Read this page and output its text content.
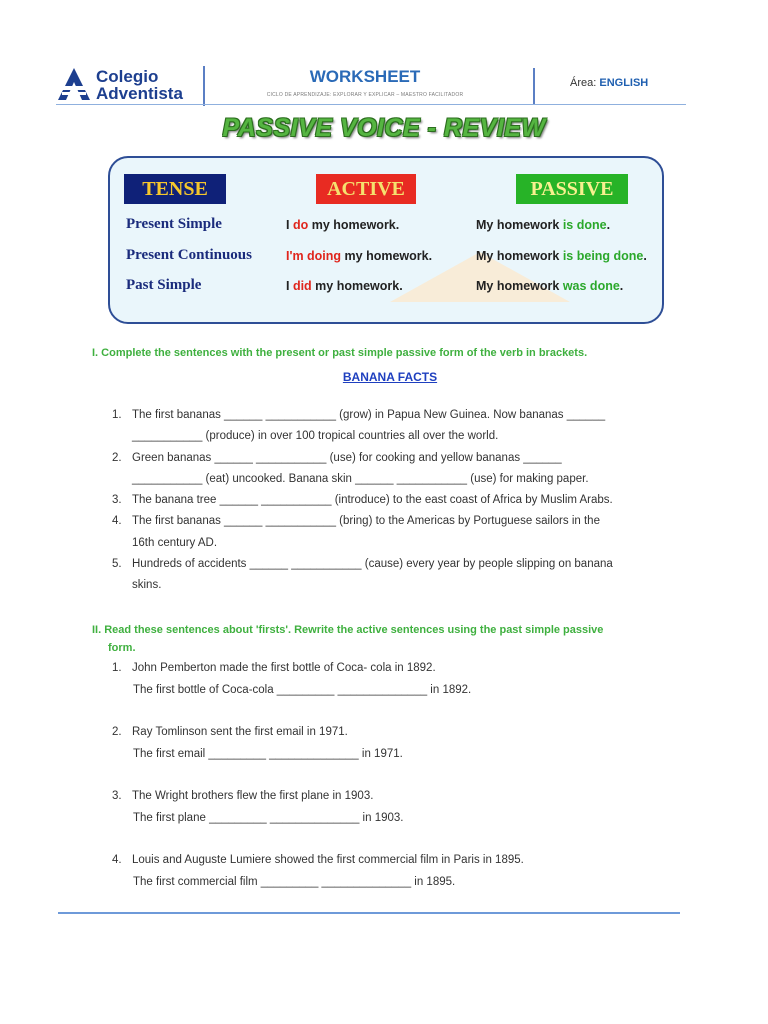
Colegio
Adventista
WORKSHEET
CICLO DE APRENDIZAJE: EXPLORAR Y EXPLICAR – MAESTRO FACILITADOR
Área: ENGLISH
PASSIVE VOICE - REVIEW
TENSE	ACTIVE	PASSIVE
Present Simple	I do my homework.	My homework is done.
Present Continuous	I'm doing my homework.	My homework is being done.
Past Simple	I did my homework.	My homework was done.
I. Complete the sentences with the present or past simple passive form of the verb in brackets.
BANANA FACTS
1. The first bananas ______ ___________ (grow) in Papua New Guinea. Now bananas ______
___________ (produce) in over 100 tropical countries all over the world.
2. Green bananas ______ ___________ (use) for cooking and yellow bananas ______
___________ (eat) uncooked. Banana skin ______ ___________ (use) for making paper.
3. The banana tree ______ ___________ (introduce) to the east coast of Africa by Muslim Arabs.
4. The first bananas ______ ___________ (bring) to the Americas by Portuguese sailors in the
16th century AD.
5. Hundreds of accidents ______ ___________ (cause) every year by people slipping on banana
skins.
II. Read these sentences about 'firsts'. Rewrite the active sentences using the past simple passive
form.
1. John Pemberton made the first bottle of Coca- cola in 1892.
The first bottle of Coca-cola _________ ______________ in 1892.
2. Ray Tomlinson sent the first email in 1971.
The first email _________ ______________ in 1971.
3. The Wright brothers flew the first plane in 1903.
The first plane _________ ______________ in 1903.
4. Louis and Auguste Lumiere showed the first commercial film in Paris in 1895.
The first commercial film _________ ______________ in 1895.
